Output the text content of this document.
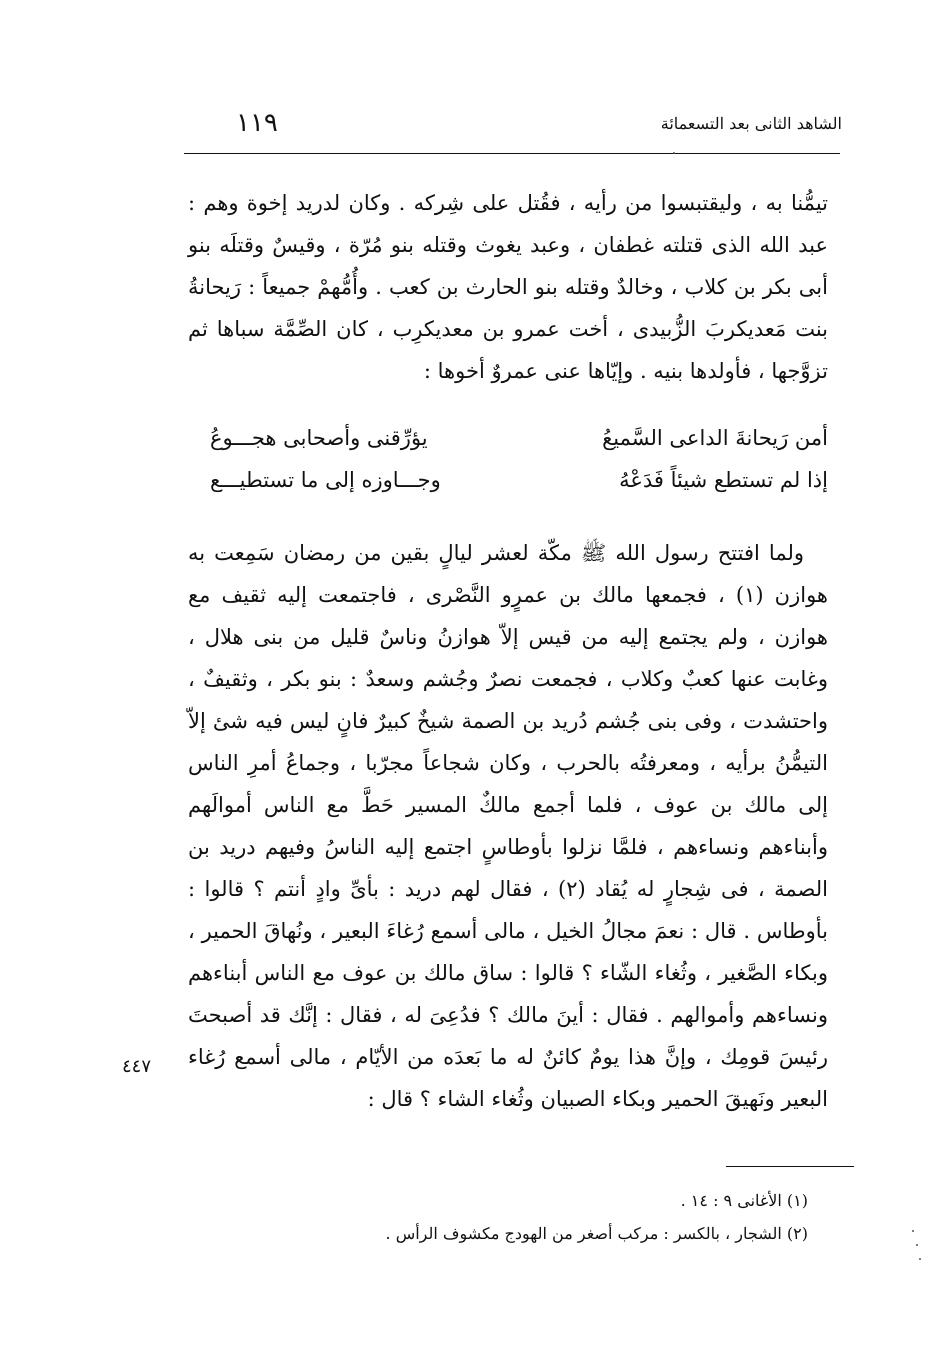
الشاهد الثانى بعد التسعمائة
١١٩

تيمُّنا به ، وليقتبسوا من رأيه ، فقُتل على شِركه . وكان لدريد إخوة وهم : عبد الله الذى قتلته غطفان ، وعبد يغوث وقتله بنو مُرّة ، وقيسٌ وقتلَه بنو أبى بكر بن كلاب ، وخالدٌ وقتله بنو الحارث بن كعب . وأُمُّهمْ جميعاً : رَيحانةُ بنت مَعديكربَ الزُّبيدى ، أخت عمرو بن معديكرِب ، كان الصِّمَّة سباها ثم تزوَّجها ، فأولدها بنيه . وإيّاها عنى عمروٌ أخوها :

أمن رَيحانةَ الداعى السَّميعُ
يؤرِّقنى وأصحابى هجـــوعُ
إذا لم تستطع شيئاً فَدَعْهُ
وجـــاوزه إلى ما تستطيـــع

ولما افتتح رسول الله ﷺ مكّة لعشر ليالٍ بقين من رمضان سَمِعت به هوازن (١) ، فجمعها مالك بن عمرٍو النَّصْرى ، فاجتمعت إليه ثقيف مع هوازن ، ولم يجتمع إليه من قيس إلاّ هوازنُ وناسٌ قليل من بنى هلال ، وغابت عنها كعبٌ وكلاب ، فجمعت نصرٌ وجُشم وسعدٌ : بنو بكر ، وثقيفٌ ، واحتشدت ، وفى بنى جُشم دُريد بن الصمة شيخٌ كبيرٌ فانٍ ليس فيه شئ إلاّ التيمُّنُ برأيه ، ومعرفتُه بالحرب ، وكان شجاعاً مجرّبا ، وجماعُ أمرِ الناس إلى مالك بن عوف ، فلما أجمع مالكٌ المسير حَطَّ مع الناس أموالَهم وأبناءهم ونساءهم ، فلمَّا نزلوا بأوطاسٍ اجتمع إليه الناسُ وفيهم دريد بن الصمة ، فى شِجارٍ له يُقاد (٢) ، فقال لهم دريد : بأىِّ وادٍ أنتم ؟ قالوا : بأوطاس . قال : نعمَ مجالُ الخيل ، مالى أسمع رُغاءَ البعير ، ونُهاقَ الحمير ، وبكاء الصَّغير ، وثُغاء الشّاء ؟ قالوا : ساق مالك بن عوف مع الناس أبناءهم ونساءهم وأموالهم . فقال : أينَ مالك ؟ فدُعِىَ له ، فقال : إنَّك قد أصبحتَ رئيسَ قومِك ، وإنَّ هذا يومٌ كائنٌ له ما بَعدَه من الأيّام ، مالى أسمع رُغاء البعير ونَهيقَ الحمير وبكاء الصبيان وثُغاء الشاء ؟ قال :

٤٤٧
(١) الأغانى ٩ : ١٤ .
(٢) الشجار ، بالكسر : مركب أصغر من الهودج مكشوف الرأس .
